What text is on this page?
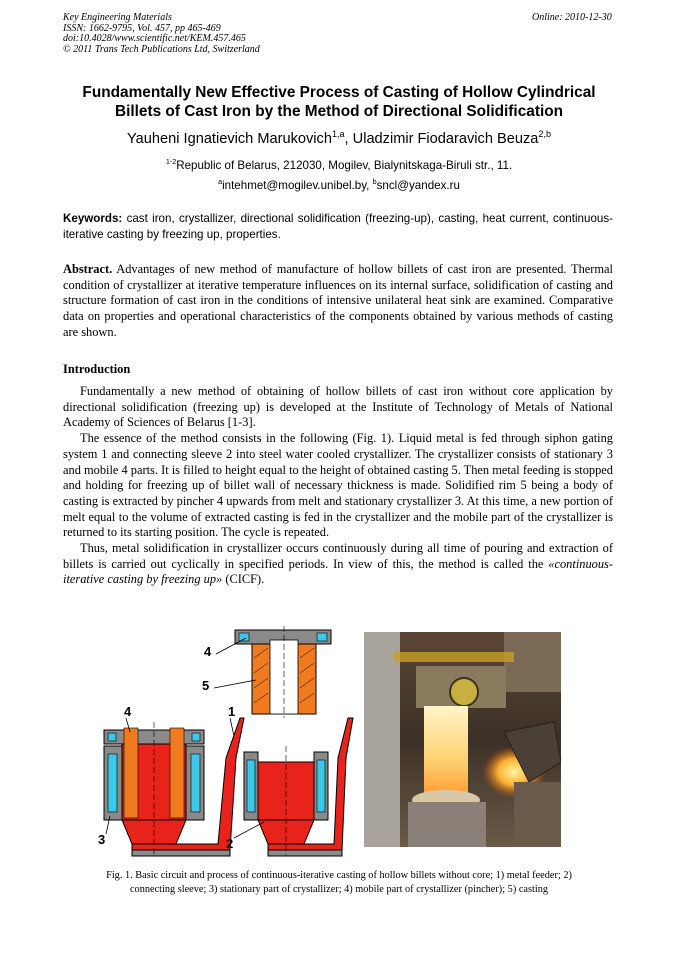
Key Engineering Materials
ISSN: 1662-9795, Vol. 457, pp 465-469
doi:10.4028/www.scientific.net/KEM.457.465
© 2011 Trans Tech Publications Ltd, Switzerland
Online: 2010-12-30
Fundamentally New Effective Process of Casting of Hollow Cylindrical
Billets of Cast Iron by the Method of Directional Solidification
Yauheni Ignatievich Marukovich$^{1,a}$, Uladzimir Fiodaravich Beuza$^{2,b}$
$^{1-2}$Republic of Belarus, 212030, Mogilev, Bialynitskaga-Biruli str., 11.
$^a$intehmet@mogilev.unibel.by, $^b$sncl@yandex.ru
Keywords: cast iron, crystallizer, directional solidification (freezing-up), casting, heat current, continuous-iterative casting by freezing up, properties.
Abstract. Advantages of new method of manufacture of hollow billets of cast iron are presented. Thermal condition of crystallizer at iterative temperature influences on its internal surface, solidification of casting and structure formation of cast iron in the conditions of intensive unilateral heat sink are examined. Comparative data on properties and operational characteristics of the components obtained by various methods of casting are shown.
Introduction

Fundamentally a new method of obtaining of hollow billets of cast iron without core application by directional solidification (freezing up) is developed at the Institute of Technology of Metals of National Academy of Sciences of Belarus [1-3].

The essence of the method consists in the following (Fig. 1). Liquid metal is fed through siphon gating system 1 and connecting sleeve 2 into steel water cooled crystallizer. The crystallizer consists of stationary 3 and mobile 4 parts. It is filled to height equal to the height of obtained casting 5. Then metal feeding is stopped and holding for freezing up of billet wall of necessary thickness is made. Solidified rim 5 being a body of casting is extracted by pincher 4 upwards from melt and stationary crystallizer 3. At this time, a new portion of melt equal to the volume of extracted casting is fed in the crystallizer and the mobile part of the crystallizer is returned to its starting position. The cycle is repeated.

Thus, metal solidification in crystallizer occurs continuously during all time of pouring and extraction of billets is carried out cyclically in specified periods. In view of this, the method is called the «continuous-iterative casting by freezing up» (CICF).

4
5
4	1
3	2
Fig. 1. Basic circuit and process of continuous-iterative casting of hollow billets without core; 1) metal feeder; 2)
connecting sleeve; 3) stationary part of crystallizer; 4) mobile part of crystallizer (pincher); 5) casting
